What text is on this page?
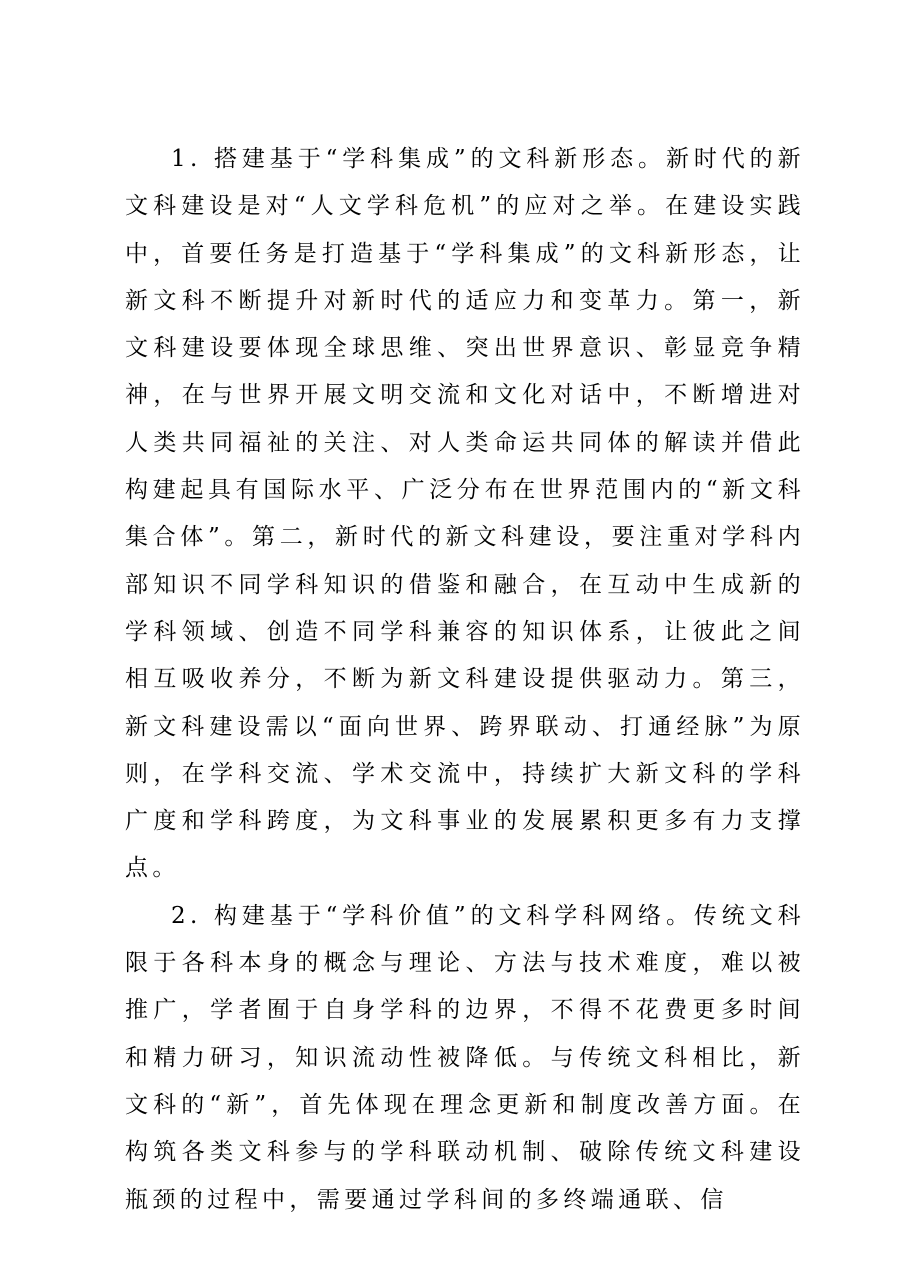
1. 搭建基于“学科集成”的文科新形态。新时代的新文科建设是对“人文学科危机”的应对之举。在建设实践中，首要任务是打造基于“学科集成”的文科新形态，让新文科不断提升对新时代的适应力和变革力。第一，新文科建设要体现全球思维、突出世界意识、彰显竞争精神，在与世界开展文明交流和文化对话中，不断增进对人类共同福祉的关注、对人类命运共同体的解读并借此构建起具有国际水平、广泛分布在世界范围内的“新文科集合体”。第二，新时代的新文科建设，要注重对学科内部知识不同学科知识的借鉴和融合，在互动中生成新的学科领域、创造不同学科兼容的知识体系，让彼此之间相互吸收养分，不断为新文科建设提供驱动力。第三，新文科建设需以“面向世界、跨界联动、打通经脉”为原则，在学科交流、学术交流中，持续扩大新文科的学科广度和学科跨度，为文科事业的发展累积更多有力支撑点。

2. 构建基于“学科价值”的文科学科网络。传统文科限于各科本身的概念与理论、方法与技术难度，难以被推广，学者囿于自身学科的边界，不得不花费更多时间和精力研习，知识流动性被降低。与传统文科相比，新文科的“新”，首先体现在理念更新和制度改善方面。在构筑各类文科参与的学科联动机制、破除传统文科建设瓶颈的过程中，需要通过学科间的多终端通联、信
